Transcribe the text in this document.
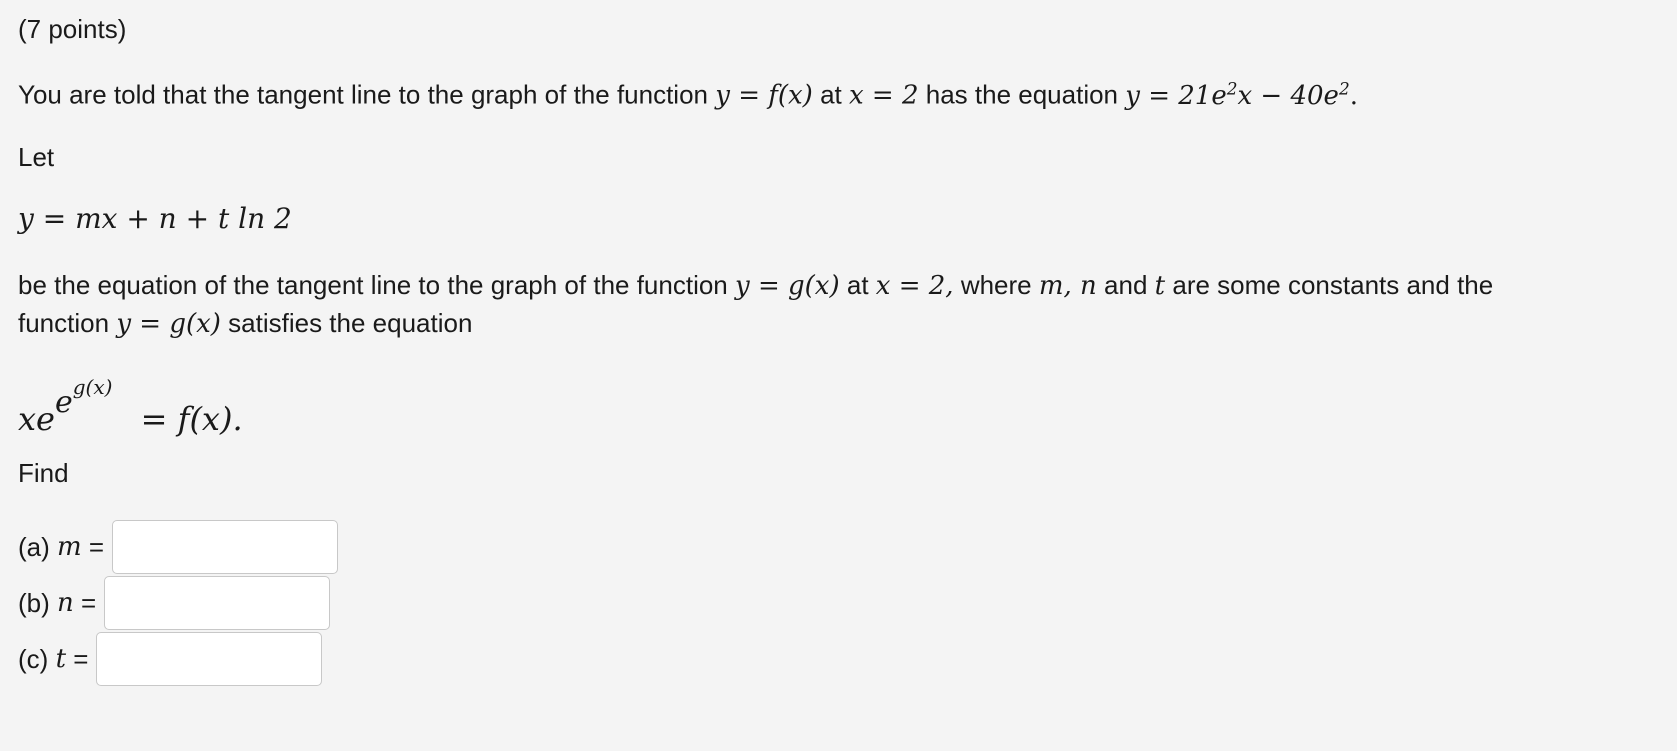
(7 points)
You are told that the tangent line to the graph of the function y = f(x) at x = 2 has the equation $y = 21e^2x - 40e^2$.
Let
y = mx + n + t ln 2
be the equation of the tangent line to the graph of the function y = g(x) at x = 2, where m, n and t are some constants and the
function y = g(x) satisfies the equation
xee$^{g(x)}$ = f(x).
Find
(a)
m
=
(b)
n
=
(c)
t
=
